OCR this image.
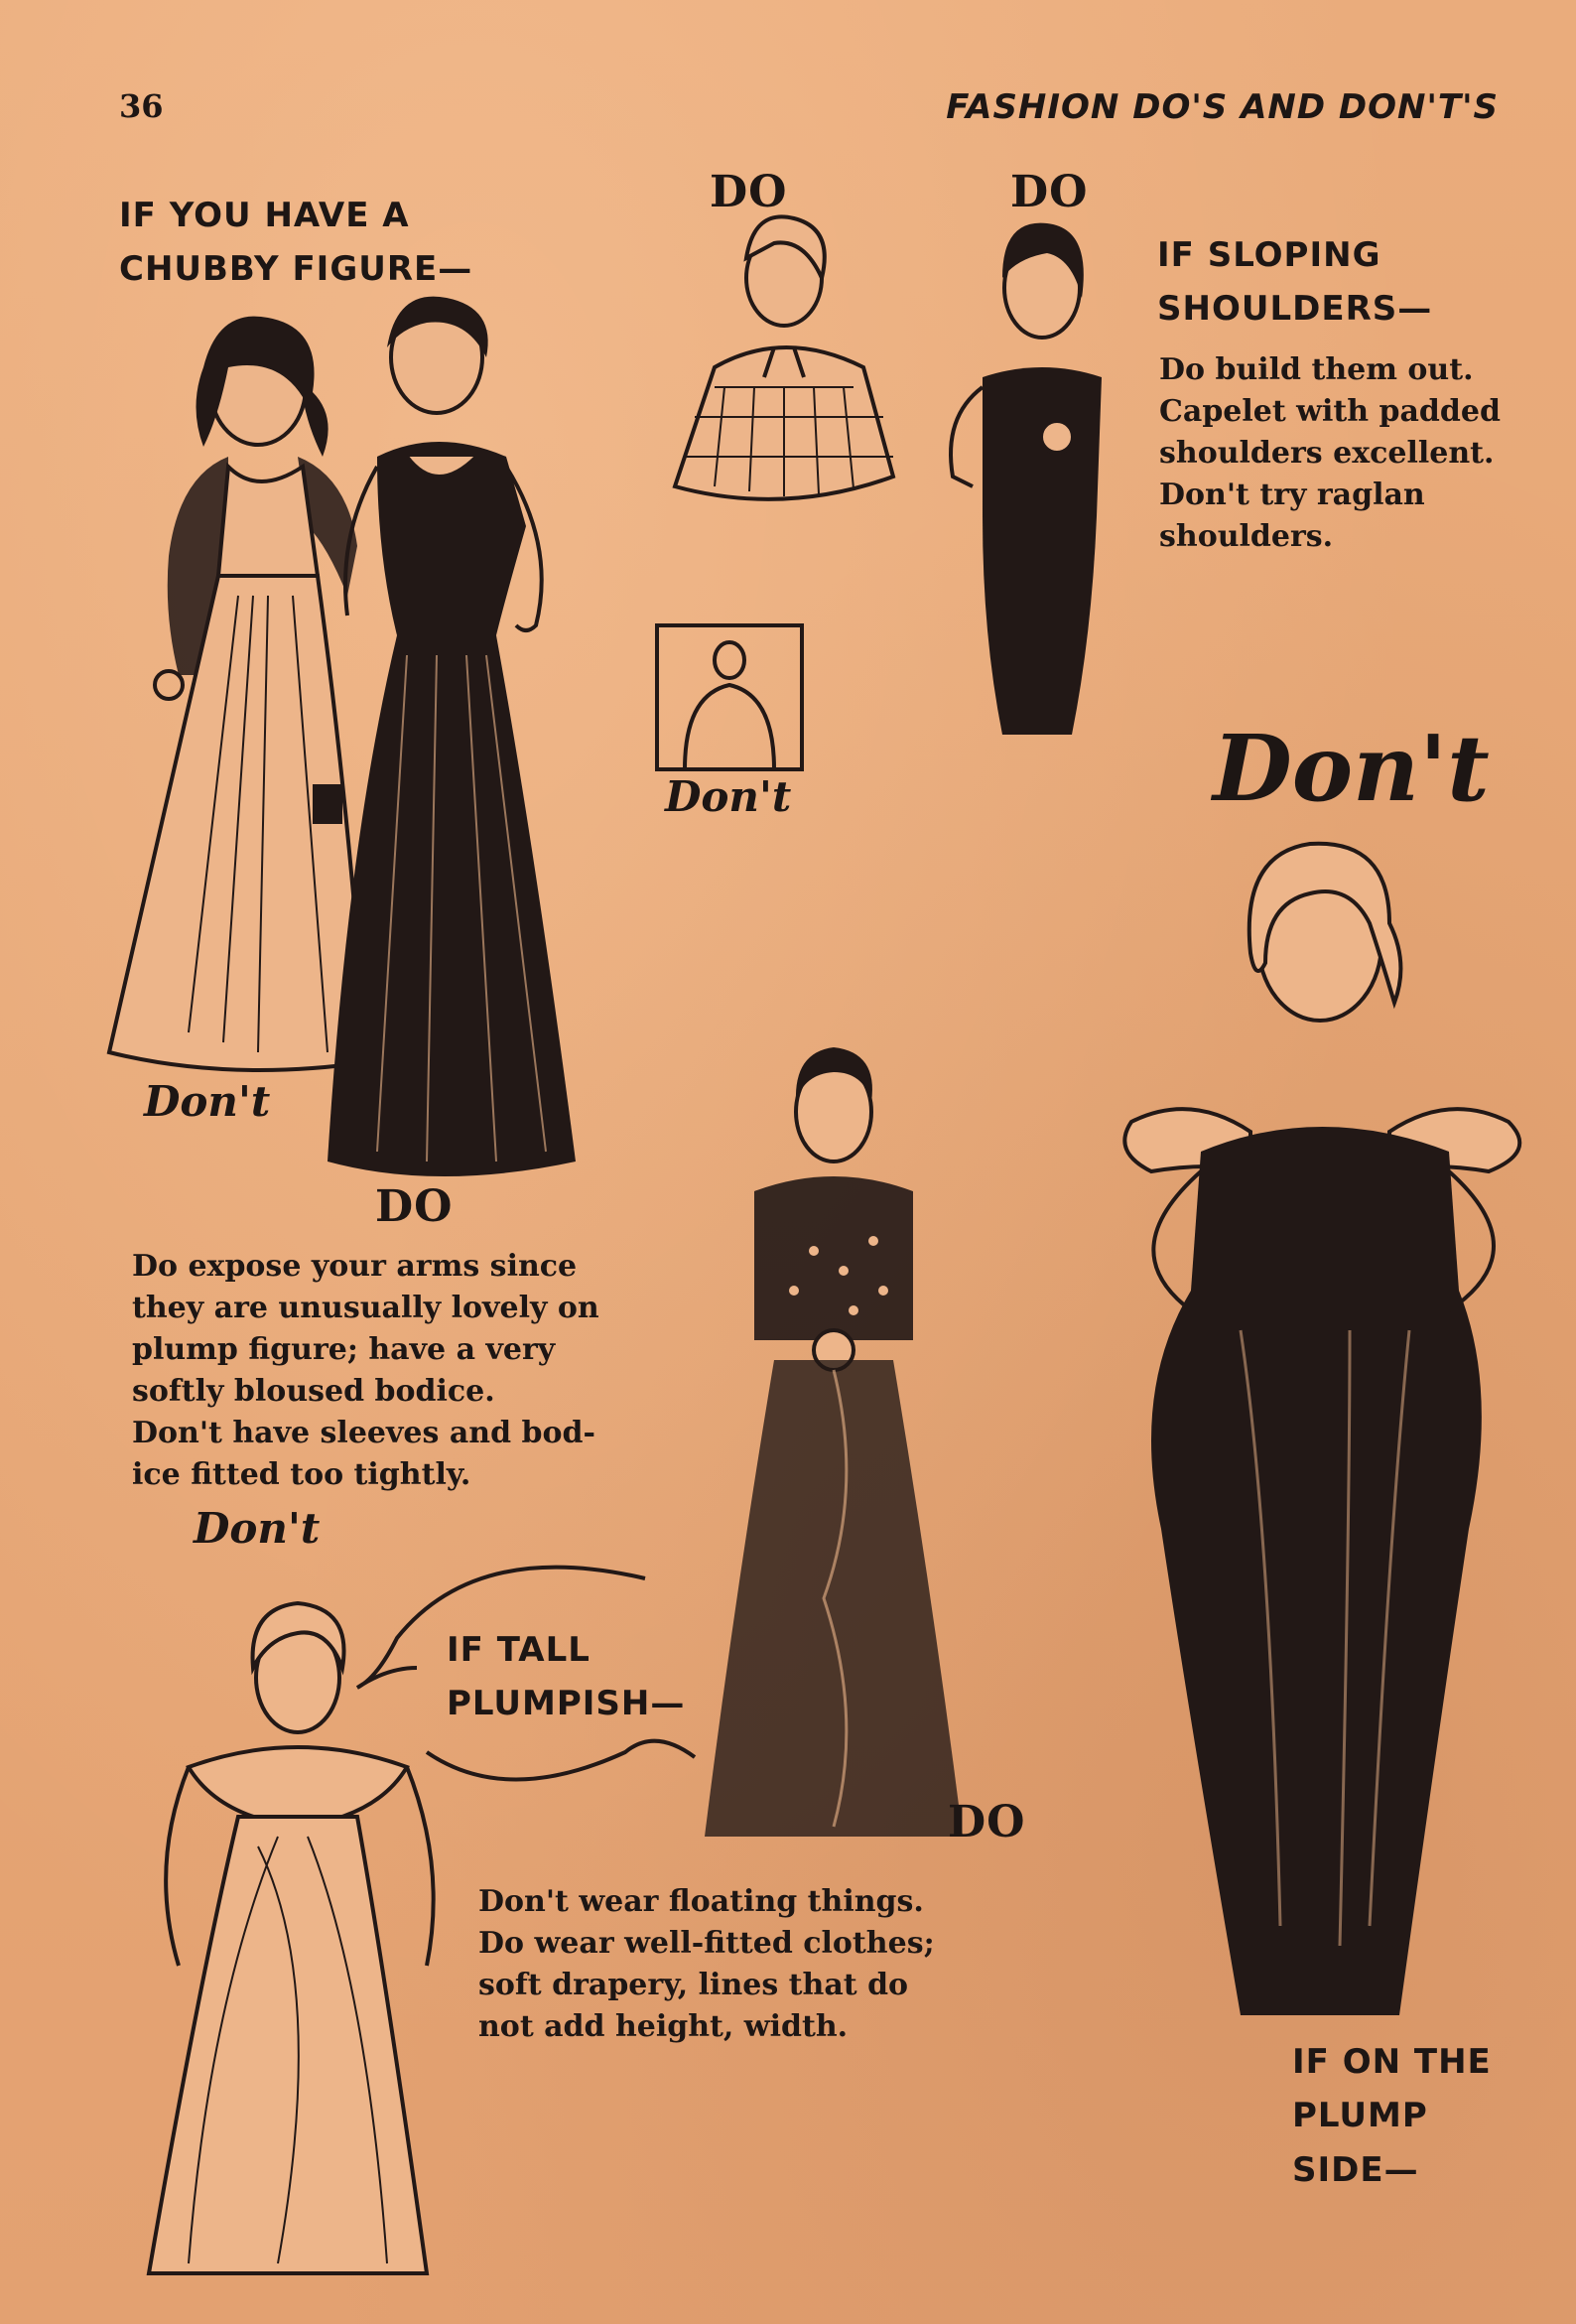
36	FASHION DO'S AND DON'T'S
IF YOU HAVE A
CHUBBY FIGURE—
Don't
DO
Do expose your arms since
they are unusually lovely on
plump figure; have a very
softly bloused bodice.
Don't have sleeves and bod-
ice fitted too tightly.
DO	DO
Don't
IF SLOPING
SHOULDERS—
Do build them out.
Capelet with padded
shoulders excellent.
Don't try raglan
shoulders.
Don't
IF ON THE
PLUMP
SIDE—
Don't
IF TALL
PLUMPISH—
DO
Don't wear floating things.
Do wear well-fitted clothes;
soft drapery, lines that do
not add height, width.
